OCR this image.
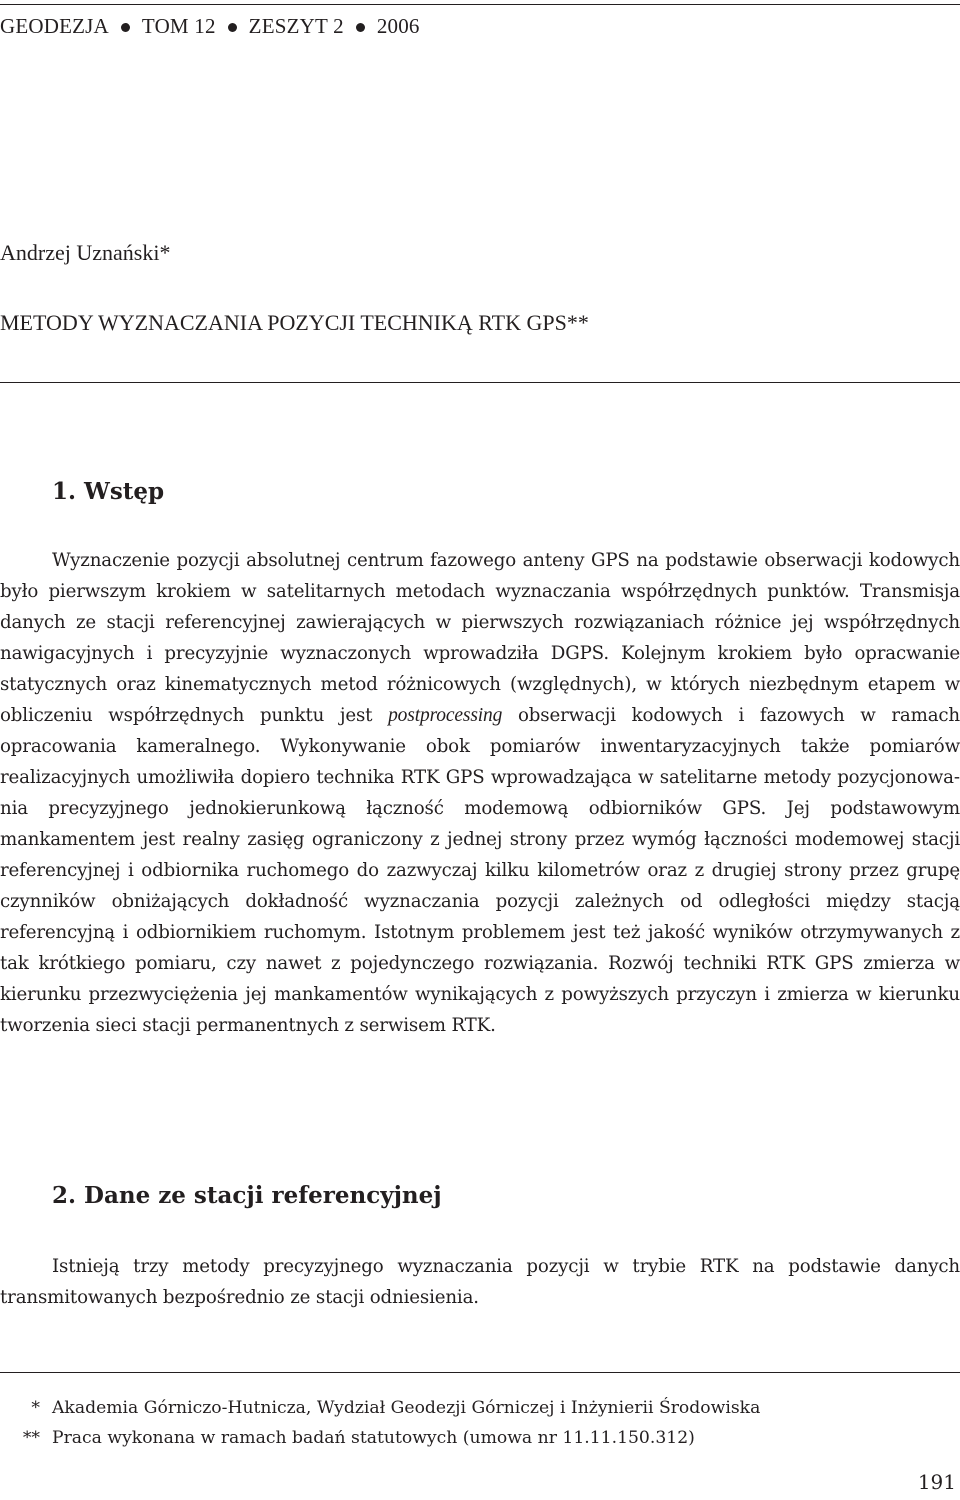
GEODEZJA TOM 12 ZESZYT 2 2006
Andrzej Uznański*
METODY WYZNACZANIA POZYCJI TECHNIKĄ RTK GPS**
1. Wstęp

Wyznaczenie pozycji absolutnej centrum fazowego anteny GPS na podstawie obserwacji kodowych było pierwszym krokiem w satelitarnych metodach wyznaczania współrzędnych punktów. Transmisja danych ze stacji referencyjnej zawierających w pierwszych rozwiązaniach różnice jej współrzędnych nawigacyjnych i precyzyjnie wyznaczonych wprowadziła DGPS. Kolejnym krokiem było opracwanie statycznych oraz kinematycznych metod różnicowych (względnych), w których niezbędnym etapem w obliczeniu współrzędnych punktu jest postprocessing obserwacji kodowych i fazowych w ramach opracowania kameralnego. Wykonywanie obok pomiarów inwentaryzacyjnych także pomiarów realizacyjnych umożliwiła dopiero technika RTK GPS wprowadzająca w satelitarne metody pozycjonowania precyzyjnego jednokierunkową łączność modemową odbiorników GPS. Jej podstawowym mankamentem jest realny zasięg ograniczony z jednej strony przez wymóg łączności modemowej stacji referencyjnej i odbiornika ruchomego do zazwyczaj kilku kilometrów oraz z drugiej strony przez grupę czynników obniżających dokładność wyznaczania pozycji zależnych od odległości między stacją referencyjną i odbiornikiem ruchomym. Istotnym problemem jest też jakość wyników otrzymywanych z tak krótkiego pomiaru, czy nawet z pojedynczego rozwiązania. Rozwój techniki RTK GPS zmierza w kierunku przezwyciężenia jej mankamentów wynikających z powyższych przyczyn i zmierza w kierunku tworzenia sieci stacji permanentnych z serwisem RTK.

2. Dane ze stacji referencyjnej

Istnieją trzy metody precyzyjnego wyznaczania pozycji w trybie RTK na podstawie danych transmitowanych bezpośrednio ze stacji odniesienia.

* Akademia Górniczo-Hutnicza, Wydział Geodezji Górniczej i Inżynierii Środowiska
** Praca wykonana w ramach badań statutowych (umowa nr 11.11.150.312)
191
